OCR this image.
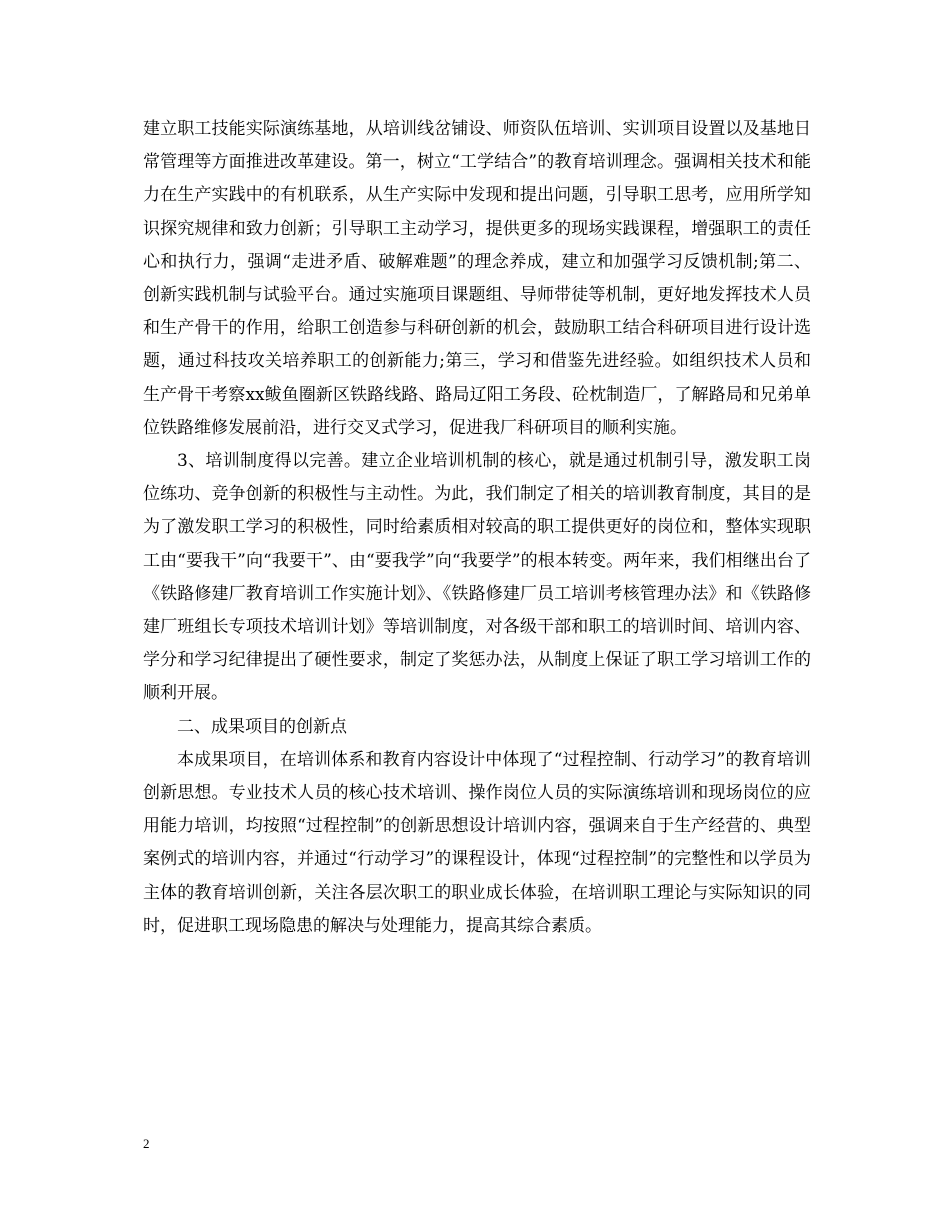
建立职工技能实际演练基地，从培训线岔铺设、师资队伍培训、实训项目设置以及基地日常管理等方面推进改革建设。第一，树立“工学结合”的教育培训理念。强调相关技术和能力在生产实践中的有机联系，从生产实际中发现和提出问题，引导职工思考，应用所学知识探究规律和致力创新；引导职工主动学习，提供更多的现场实践课程，增强职工的责任心和执行力，强调“走进矛盾、破解难题”的理念养成，建立和加强学习反馈机制;第二、创新实践机制与试验平台。通过实施项目课题组、导师带徒等机制，更好地发挥技术人员和生产骨干的作用，给职工创造参与科研创新的机会，鼓励职工结合科研项目进行设计选题，通过科技攻关培养职工的创新能力;第三，学习和借鉴先进经验。如组织技术人员和生产骨干考察xx鲅鱼圈新区铁路线路、路局辽阳工务段、砼枕制造厂，了解路局和兄弟单位铁路维修发展前沿，进行交叉式学习，促进我厂科研项目的顺利实施。

3、培训制度得以完善。建立企业培训机制的核心，就是通过机制引导，激发职工岗位练功、竞争创新的积极性与主动性。为此，我们制定了相关的培训教育制度，其目的是为了激发职工学习的积极性，同时给素质相对较高的职工提供更好的岗位和，整体实现职工由“要我干”向“我要干”、由“要我学”向“我要学”的根本转变。两年来，我们相继出台了《铁路修建厂教育培训工作实施计划》、《铁路修建厂员工培训考核管理办法》和《铁路修建厂班组长专项技术培训计划》等培训制度，对各级干部和职工的培训时间、培训内容、学分和学习纪律提出了硬性要求，制定了奖惩办法，从制度上保证了职工学习培训工作的顺利开展。

二、成果项目的创新点

本成果项目，在培训体系和教育内容设计中体现了“过程控制、行动学习”的教育培训创新思想。专业技术人员的核心技术培训、操作岗位人员的实际演练培训和现场岗位的应用能力培训，均按照“过程控制”的创新思想设计培训内容，强调来自于生产经营的、典型案例式的培训内容，并通过“行动学习”的课程设计，体现“过程控制”的完整性和以学员为主体的教育培训创新，关注各层次职工的职业成长体验，在培训职工理论与实际知识的同时，促进职工现场隐患的解决与处理能力，提高其综合素质。

2
